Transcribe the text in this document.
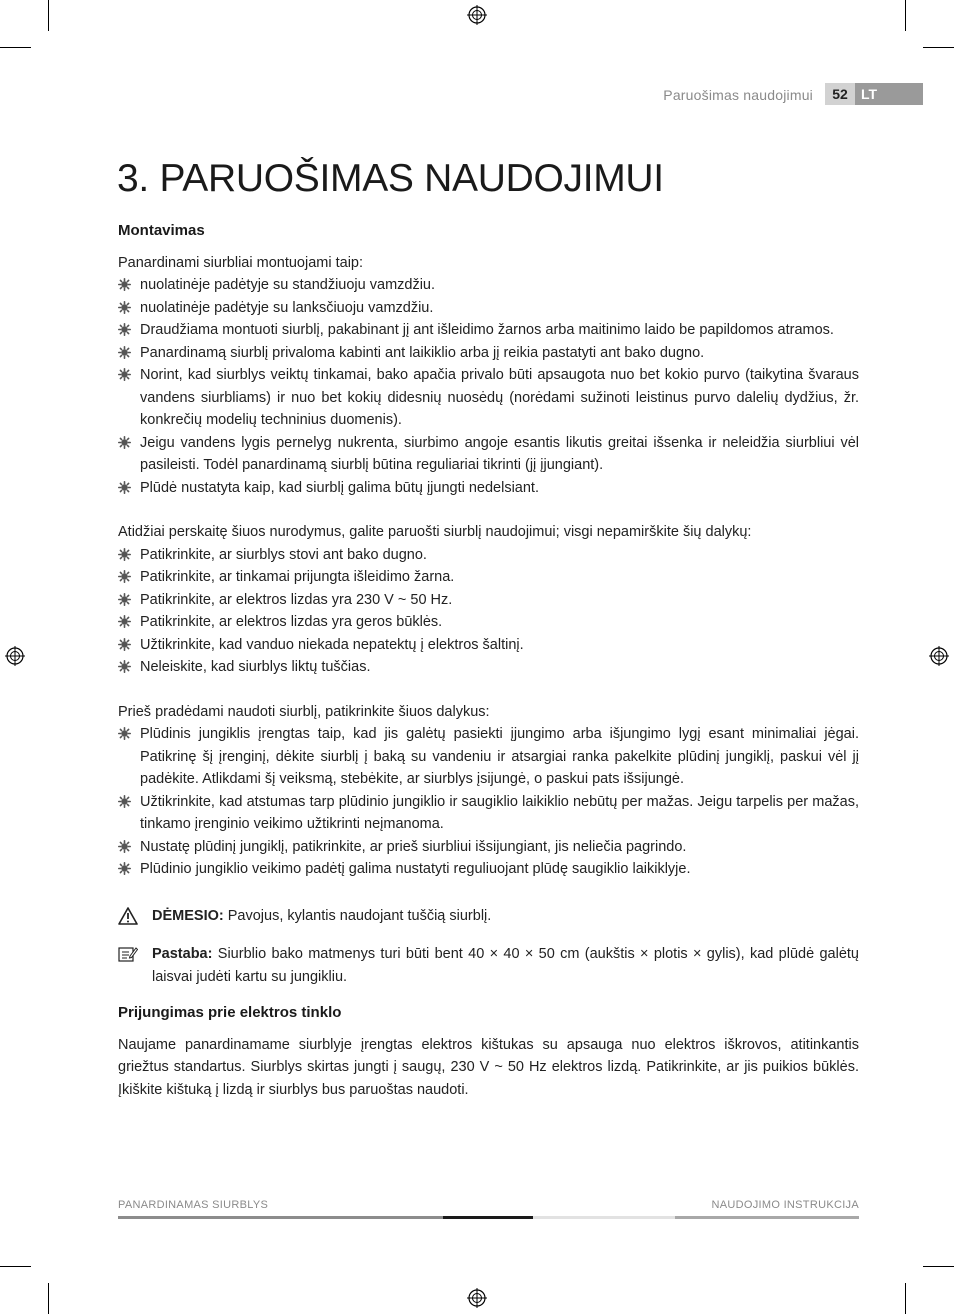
Paruošimas naudojimui	52 LT
3. PARUOŠIMAS NAUDOJIMUI
Montavimas

Panardinami siurbliai montuojami taip:

nuolatinėje padėtyje su standžiuoju vamzdžiu.
nuolatinėje padėtyje su lanksčiuoju vamzdžiu.
Draudžiama montuoti siurblį, pakabinant jį ant išleidimo žarnos arba maitinimo laido be papildomos atramos.
Panardinamą siurblį privaloma kabinti ant laikiklio arba jį reikia pastatyti ant bako dugno.
Norint, kad siurblys veiktų tinkamai, bako apačia privalo būti apsaugota nuo bet kokio purvo (taikytina švaraus vandens siurbliams) ir nuo bet kokių didesnių nuosėdų (norėdami sužinoti leistinus purvo dalelių dydžius, žr. konkrečių modelių techninius duomenis).
Jeigu vandens lygis pernelyg nukrenta, siurbimo angoje esantis likutis greitai išsenka ir neleidžia siurbliui vėl pasileisti. Todėl panardinamą siurblį būtina reguliariai tikrinti (jį įjungiant).
Plūdė nustatyta kaip, kad siurblį galima būtų įjungti nedelsiant.

Atidžiai perskaitę šiuos nurodymus, galite paruošti siurblį naudojimui; visgi nepamirškite šių dalykų:

Patikrinkite, ar siurblys stovi ant bako dugno.
Patikrinkite, ar tinkamai prijungta išleidimo žarna.
Patikrinkite, ar elektros lizdas yra 230 V ~ 50 Hz.
Patikrinkite, ar elektros lizdas yra geros būklės.
Užtikrinkite, kad vanduo niekada nepatektų į elektros šaltinį.
Neleiskite, kad siurblys liktų tuščias.

Prieš pradėdami naudoti siurblį, patikrinkite šiuos dalykus:

Plūdinis jungiklis įrengtas taip, kad jis galėtų pasiekti įjungimo arba išjungimo lygį esant minimaliai jėgai. Patikrinę šį įrenginį, dėkite siurblį į baką su vandeniu ir atsargiai ranka pakelkite plūdinį jungiklį, paskui vėl jį padėkite. Atlikdami šį veiksmą, stebėkite, ar siurblys įsijungė, o paskui pats išsijungė.
Užtikrinkite, kad atstumas tarp plūdinio jungiklio ir saugiklio laikiklio nebūtų per mažas. Jeigu tarpelis per mažas, tinkamo įrenginio veikimo užtikrinti neįmanoma.
Nustatę plūdinį jungiklį, patikrinkite, ar prieš siurbliui išsijungiant, jis neliečia pagrindo.
Plūdinio jungiklio veikimo padėtį galima nustatyti reguliuojant plūdę saugiklio laikiklyje.
DĖMESIO: Pavojus, kylantis naudojant tuščią siurblį.
Pastaba: Siurblio bako matmenys turi būti bent 40 × 40 × 50 cm (aukštis × plotis × gylis), kad plūdė galėtų laisvai judėti kartu su jungikliu.
Prijungimas prie elektros tinklo

Naujame panardinamame siurblyje įrengtas elektros kištukas su apsauga nuo elektros iškrovos, atitinkantis griežtus standartus. Siurblys skirtas jungti į saugų, 230 V ~ 50 Hz elektros lizdą. Patikrinkite, ar jis puikios būklės. Įkiškite kištuką į lizdą ir siurblys bus paruoštas naudoti.

PANARDINAMAS SIURBLYS	NAUDOJIMO INSTRUKCIJA
